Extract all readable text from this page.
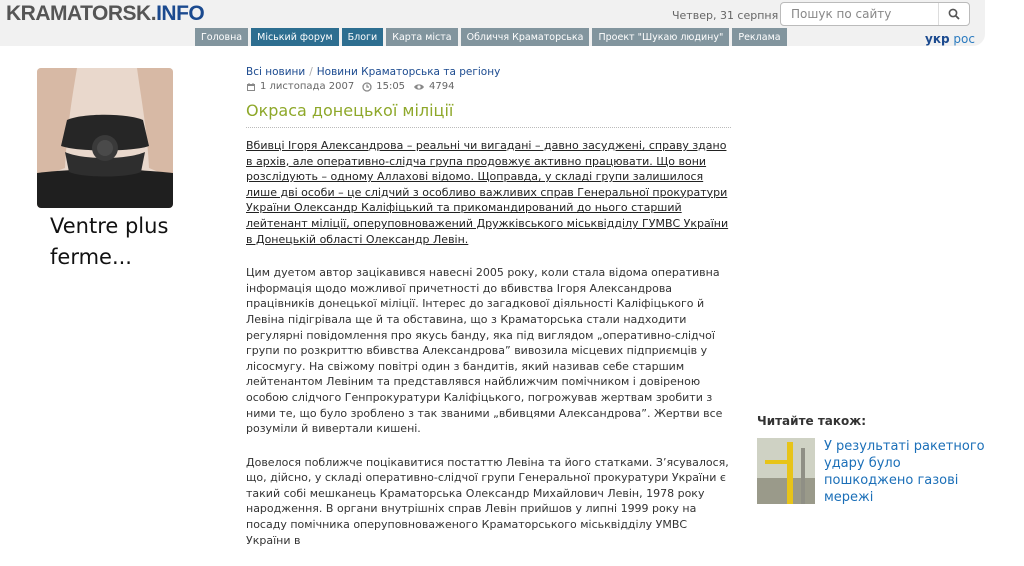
KRAMATORSK.INFO	Четвер, 31 серпня
Пошук по сайту
Головна	Міський форум	Блоги	Карта міста	Обличчя Краматорська	Проект "Шукаю людину"	Реклама	укр рос
Ventre plus ferme...
Всі новини / Новини Краматорська та регіону
1 листопада 2007 15:05 4794
Окраса донецької міліції

Вбивці Ігоря Александрова – реальні чи вигадані – давно засуджені, справу здано в архів, але оперативно-слідча група продовжує активно працювати. Що вони розслідують – одному Аллахові відомо. Щоправда, у складі групи залишилося лише дві особи – це слідчий з особливо важливих справ Генеральної прокуратури України Олександр Каліфіцький та прикомандирований до нього старший лейтенант міліції, оперуповноважений Дружківського міськвідділу ГУМВС України в Донецькій області Олександр Левін.

Цим дуетом автор зацікавився навесні 2005 року, коли стала відома оперативна інформація щодо можливої причетності до вбивства Ігоря Александрова працівників донецької міліції. Інтерес до загадкової діяльності Каліфіцького й Левіна підігрівала ще й та обставина, що з Краматорська стали надходити регулярні повідомлення про якусь банду, яка під виглядом „оперативно-слідчої групи по розкриттю вбивства Александрова” вивозила місцевих підприємців у лісосмугу. На свіжому повітрі один з бандитів, який називав себе старшим лейтенантом Левіним та представлявся найближчим помічником і довіреною особою слідчого Генпрокуратури Каліфіцького, погрожував жертвам зробити з ними те, що було зроблено з так званими „вбивцями Александрова”. Жертви все розуміли й вивертали кишені.

Довелося поближче поцікавитися постаттю Левіна та його статками. З’ясувалося, що, дійсно, у складі оперативно-слідчої групи Генеральної прокуратури України є такий собі мешканець Краматорська Олександр Михайлович Левін, 1978 року народження. В органи внутрішніх справ Левін прийшов у липні 1999 року на посаду помічника оперуповноваженого Краматорського міськвідділу УМВС України в

Читайте також:
У результаті ракетного удару було пошкоджено газові мережі
